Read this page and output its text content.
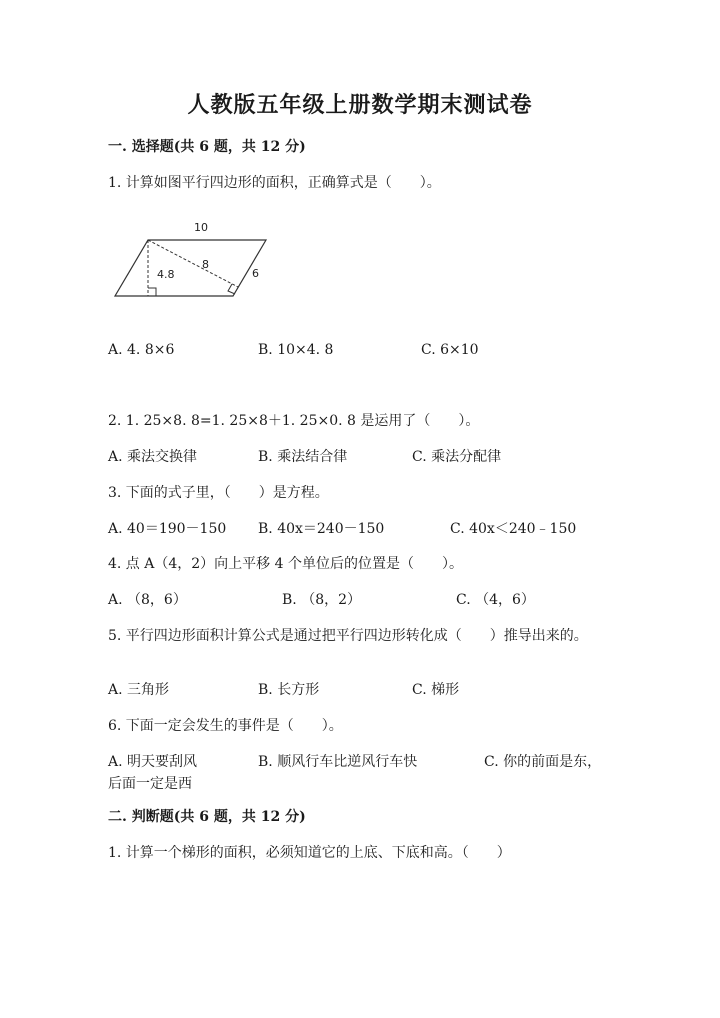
人教版五年级上册数学期末测试卷
一. 选择题(共 6 题，共 12 分)
1. 计算如图平行四边形的面积，正确算式是（　　）。
10
4.8
8
6
A. 4. 8×6	B. 10×4. 8	C. 6×10
2. 1. 25×8. 8=1. 25×8＋1. 25×0. 8 是运用了（　　）。
A. 乘法交换律	B. 乘法结合律	C. 乘法分配律
3. 下面的式子里，（　　）是方程。
A. 40＝190－150 B. 40x＝240－150	C. 40x＜240﹣150
4. 点 A（4，2）向上平移 4 个单位后的位置是（　　）。
A. （8，6）	B. （8，2）	C. （4，6）
5. 平行四边形面积计算公式是通过把平行四边形转化成（　　）推导出来的。
A. 三角形	B. 长方形	C. 梯形
6. 下面一定会发生的事件是（　　）。
A. 明天要刮风	B. 顺风行车比逆风行车快	C. 你的前面是东，
后面一定是西
二. 判断题(共 6 题，共 12 分)
1. 计算一个梯形的面积，必须知道它的上底、下底和高。（　　）
